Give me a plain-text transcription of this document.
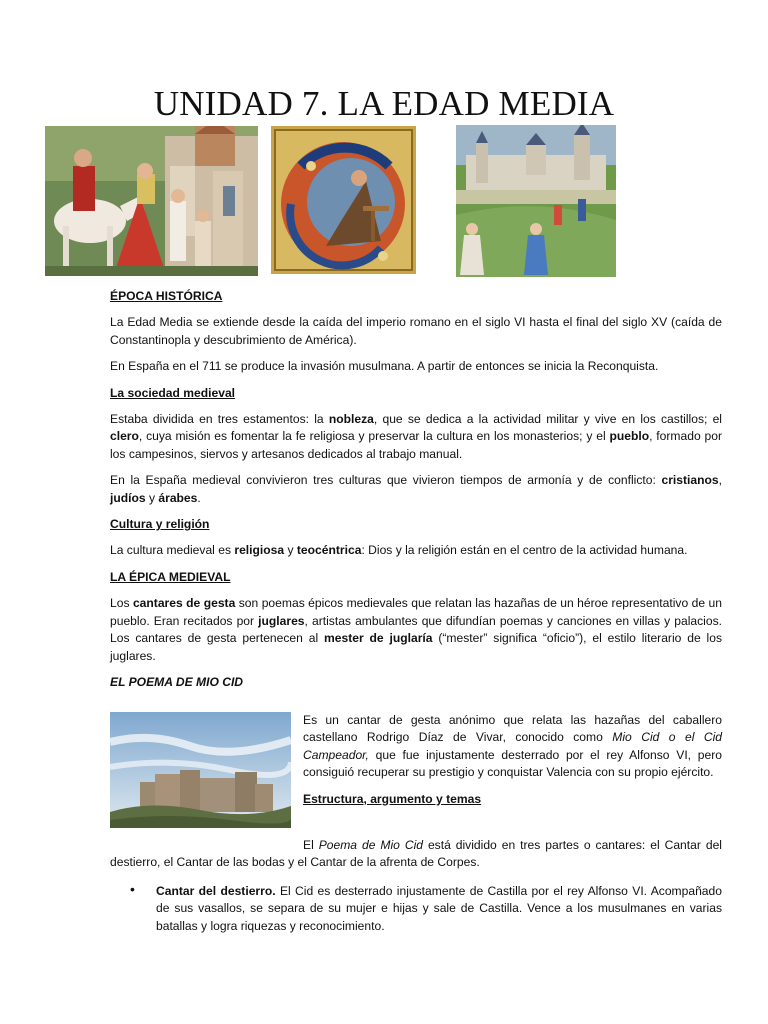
UNIDAD 7. LA EDAD MEDIA

ÉPOCA HISTÓRICA

La Edad Media se extiende desde la caída del imperio romano en el siglo VI hasta el final del siglo XV (caída de Constantinopla y descubrimiento de América).

En España en el 711 se produce la invasión musulmana. A partir de entonces se inicia la Reconquista.

La sociedad medieval

Estaba dividida en tres estamentos: la nobleza, que se dedica a la actividad militar y vive en los castillos; el clero, cuya misión es fomentar la fe religiosa y preservar la cultura en los monasterios; y el pueblo, formado por los campesinos, siervos y artesanos dedicados al trabajo manual.

En la España medieval convivieron tres culturas que vivieron tiempos de armonía y de conflicto: cristianos, judíos y árabes.

Cultura y religión

La cultura medieval es religiosa y teocéntrica: Dios y la religión están en el centro de la actividad humana.

LA ÉPICA MEDIEVAL

Los cantares de gesta son poemas épicos medievales que relatan las hazañas de un héroe representativo de un pueblo. Eran recitados por juglares, artistas ambulantes que difundían poemas y canciones en villas y palacios. Los cantares de gesta pertenecen al mester de juglaría (“mester” significa “oficio”), el estilo literario de los juglares.

EL POEMA DE MIO CID

Es un cantar de gesta anónimo que relata las hazañas del caballero castellano Rodrigo Díaz de Vivar, conocido como Mio Cid o el Cid Campeador, que fue injustamente desterrado por el rey Alfonso VI, pero consiguió recuperar su prestigio y conquistar Valencia con su propio ejército.

Estructura, argumento y temas

El Poema de Mio Cid está dividido en tres partes o cantares: el Cantar del destierro, el Cantar de las bodas y el Cantar de la afrenta de Corpes.

• Cantar del destierro. El Cid es desterrado injustamente de Castilla por el rey Alfonso VI. Acompañado de sus vasallos, se separa de su mujer e hijas y sale de Castilla. Vence a los musulmanes en varias batallas y logra riquezas y reconocimiento.
